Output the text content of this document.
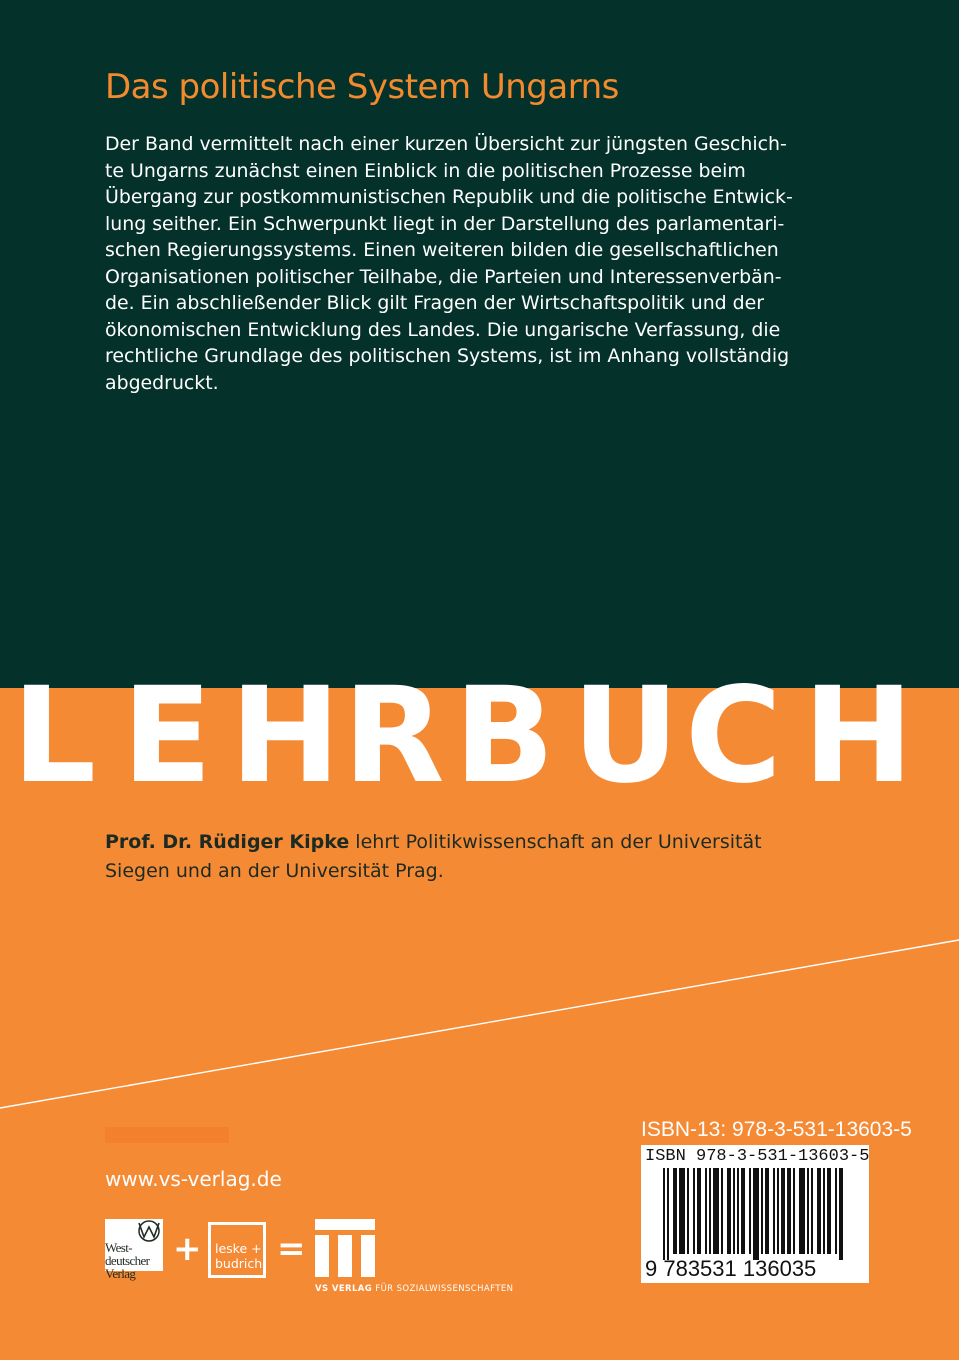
Das politische System Ungarns
Der Band vermittelt nach einer kurzen Übersicht zur jüngsten Geschich-
te Ungarns zunächst einen Einblick in die politischen Prozesse beim
Übergang zur postkommunistischen Republik und die politische Entwick-
lung seither. Ein Schwerpunkt liegt in der Darstellung des parlamentari-
schen Regierungssystems. Einen weiteren bilden die gesellschaftlichen
Organisationen politischer Teilhabe, die Parteien und Interessenverbän-
de. Ein abschließender Blick gilt Fragen der Wirtschaftspolitik und der
ökonomischen Entwicklung des Landes. Die ungarische Verfassung, die
rechtliche Grundlage des politischen Systems, ist im Anhang vollständig
abgedruckt.
L E H R B U C H
Prof. Dr. Rüdiger Kipke lehrt Politikwissenschaft an der Universität
Siegen und an der Universität Prag.
www.vs-verlag.de
West-
deutscher
Verlag
+ leske +
budrich =
VS VERLAG FÜR SOZIALWISSENSCHAFTEN
ISBN-13: 978-3-531-13603-5
ISBN 978-3-531-13603-5
9 783531 136035
